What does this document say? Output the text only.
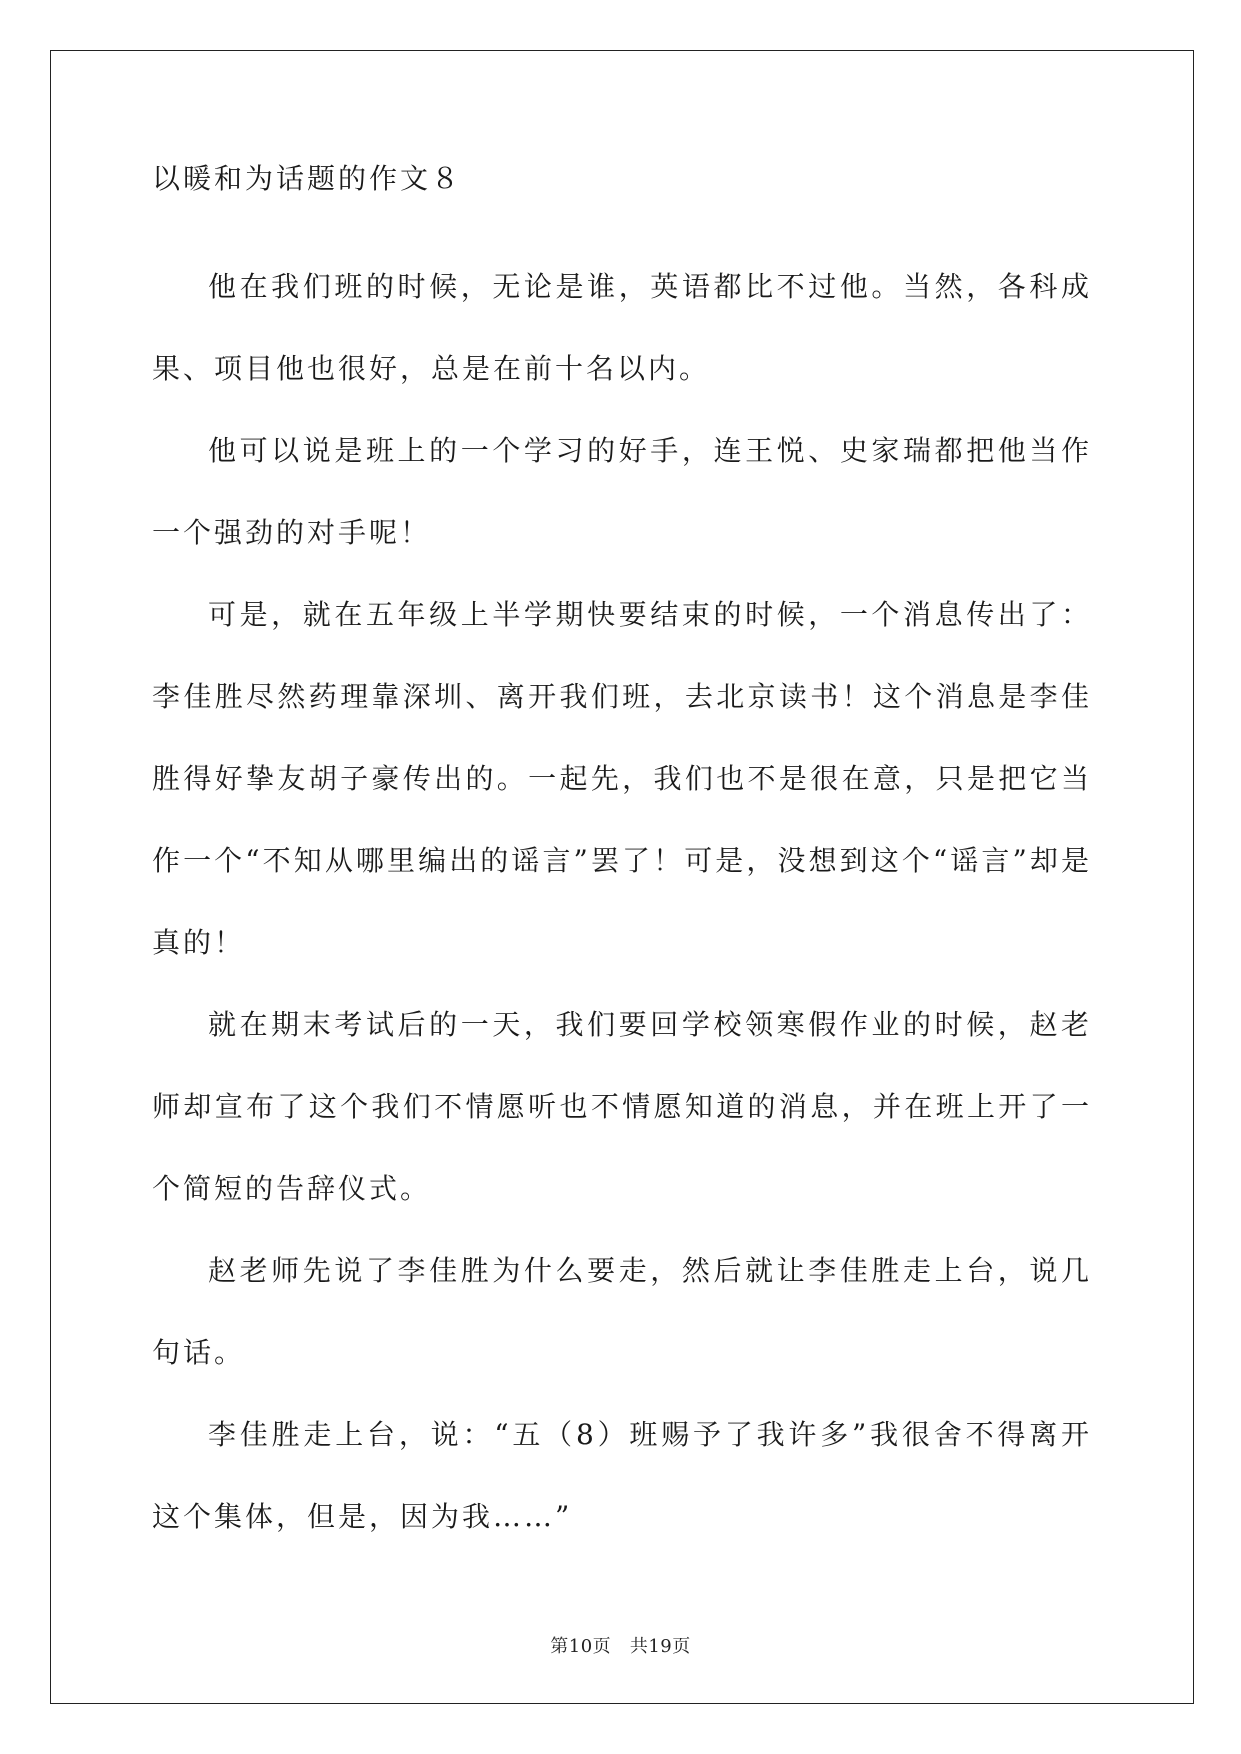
以暖和为话题的作文８

他在我们班的时候，无论是谁，英语都比不过他。当然，各科成果、项目他也很好，总是在前十名以内。

他可以说是班上的一个学习的好手，连王悦、史家瑞都把他当作一个强劲的对手呢！

可是，就在五年级上半学期快要结束的时候，一个消息传出了：李佳胜尽然药理靠深圳、离开我们班，去北京读书！这个消息是李佳胜得好挚友胡子豪传出的。一起先，我们也不是很在意，只是把它当作一个“不知从哪里编出的谣言”罢了！可是，没想到这个“谣言”却是真的！

就在期末考试后的一天，我们要回学校领寒假作业的时候，赵老师却宣布了这个我们不情愿听也不情愿知道的消息，并在班上开了一个简短的告辞仪式。

赵老师先说了李佳胜为什么要走，然后就让李佳胜走上台，说几句话。

李佳胜走上台，说：“五（8）班赐予了我许多”我很舍不得离开这个集体，但是，因为我……”

第10页 共19页
